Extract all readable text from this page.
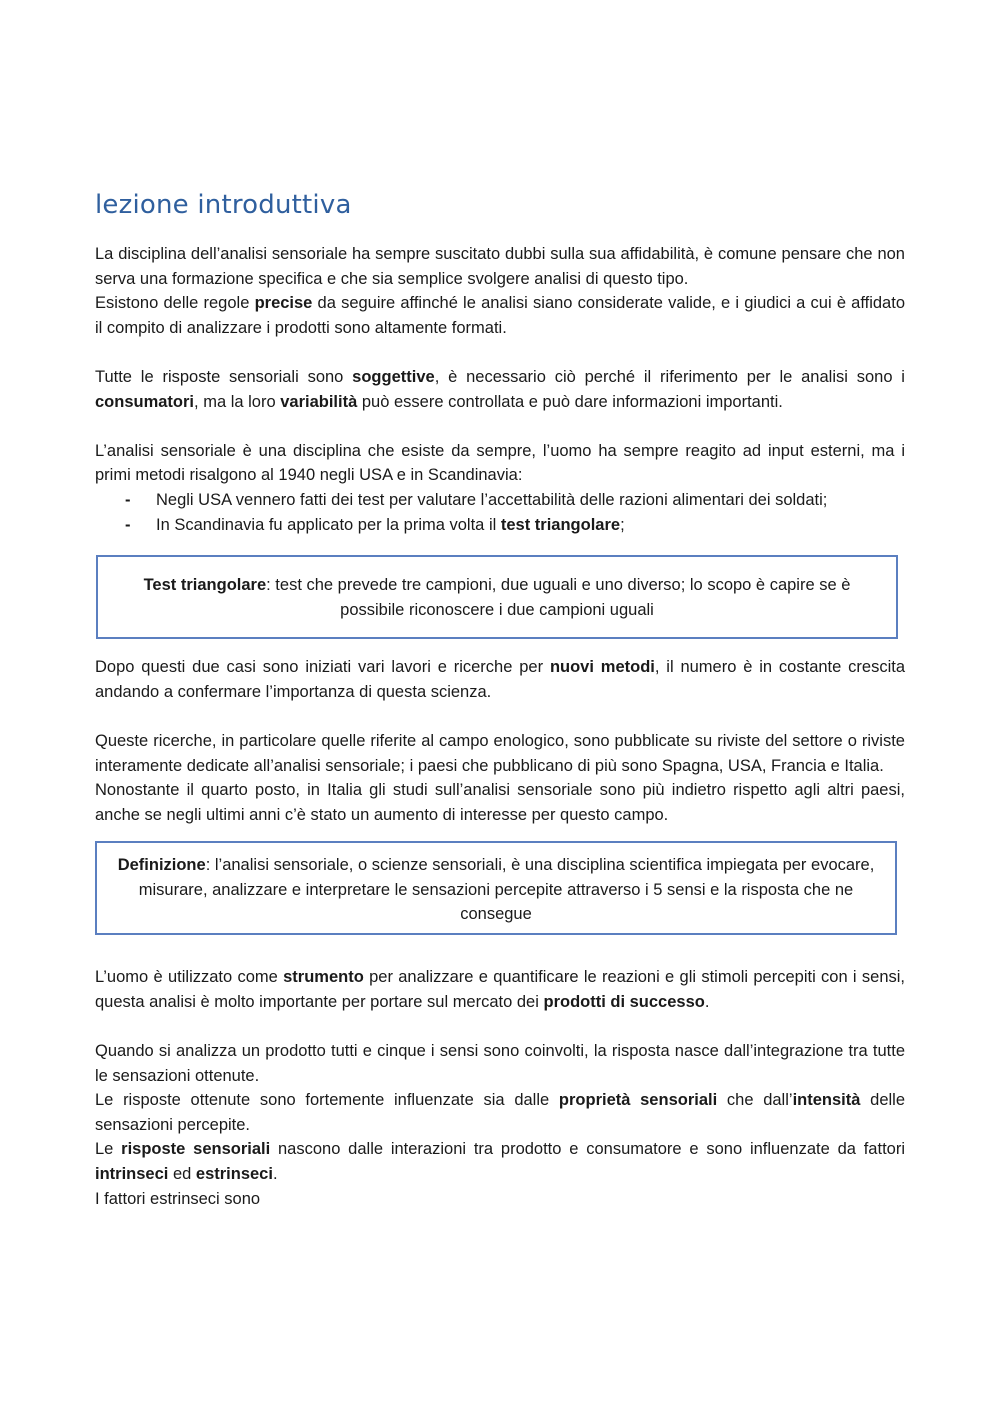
lezione introduttiva

La disciplina dell’analisi sensoriale ha sempre suscitato dubbi sulla sua affidabilità, è comune pensare che non serva una formazione specifica e che sia semplice svolgere analisi di questo tipo.

Esistono delle regole precise da seguire affinché le analisi siano considerate valide, e i giudici a cui è affidato il compito di analizzare i prodotti sono altamente formati.

Tutte le risposte sensoriali sono soggettive, è necessario ciò perché il riferimento per le analisi sono i consumatori, ma la loro variabilità può essere controllata e può dare informazioni importanti.

L’analisi sensoriale è una disciplina che esiste da sempre, l’uomo ha sempre reagito ad input esterni, ma i primi metodi risalgono al 1940 negli USA e in Scandinavia:

- Negli USA vennero fatti dei test per valutare l’accettabilità delle razioni alimentari dei soldati;
- In Scandinavia fu applicato per la prima volta il test triangolare;
Test triangolare: test che prevede tre campioni, due uguali e uno diverso; lo scopo è capire se è possibile riconoscere i due campioni uguali

Dopo questi due casi sono iniziati vari lavori e ricerche per nuovi metodi, il numero è in costante crescita andando a confermare l’importanza di questa scienza.

Queste ricerche, in particolare quelle riferite al campo enologico, sono pubblicate su riviste del settore o riviste interamente dedicate all’analisi sensoriale; i paesi che pubblicano di più sono Spagna, USA, Francia e Italia.

Nonostante il quarto posto, in Italia gli studi sull’analisi sensoriale sono più indietro rispetto agli altri paesi, anche se negli ultimi anni c’è stato un aumento di interesse per questo campo.

Definizione: l’analisi sensoriale, o scienze sensoriali, è una disciplina scientifica impiegata per evocare, misurare, analizzare e interpretare le sensazioni percepite attraverso i 5 sensi e la risposta che ne consegue

L’uomo è utilizzato come strumento per analizzare e quantificare le reazioni e gli stimoli percepiti con i sensi, questa analisi è molto importante per portare sul mercato dei prodotti di successo.

Quando si analizza un prodotto tutti e cinque i sensi sono coinvolti, la risposta nasce dall’integrazione tra tutte le sensazioni ottenute.

Le risposte ottenute sono fortemente influenzate sia dalle proprietà sensoriali che dall’intensità delle sensazioni percepite.

Le risposte sensoriali nascono dalle interazioni tra prodotto e consumatore e sono influenzate da fattori intrinseci ed estrinseci.

I fattori estrinseci sono
